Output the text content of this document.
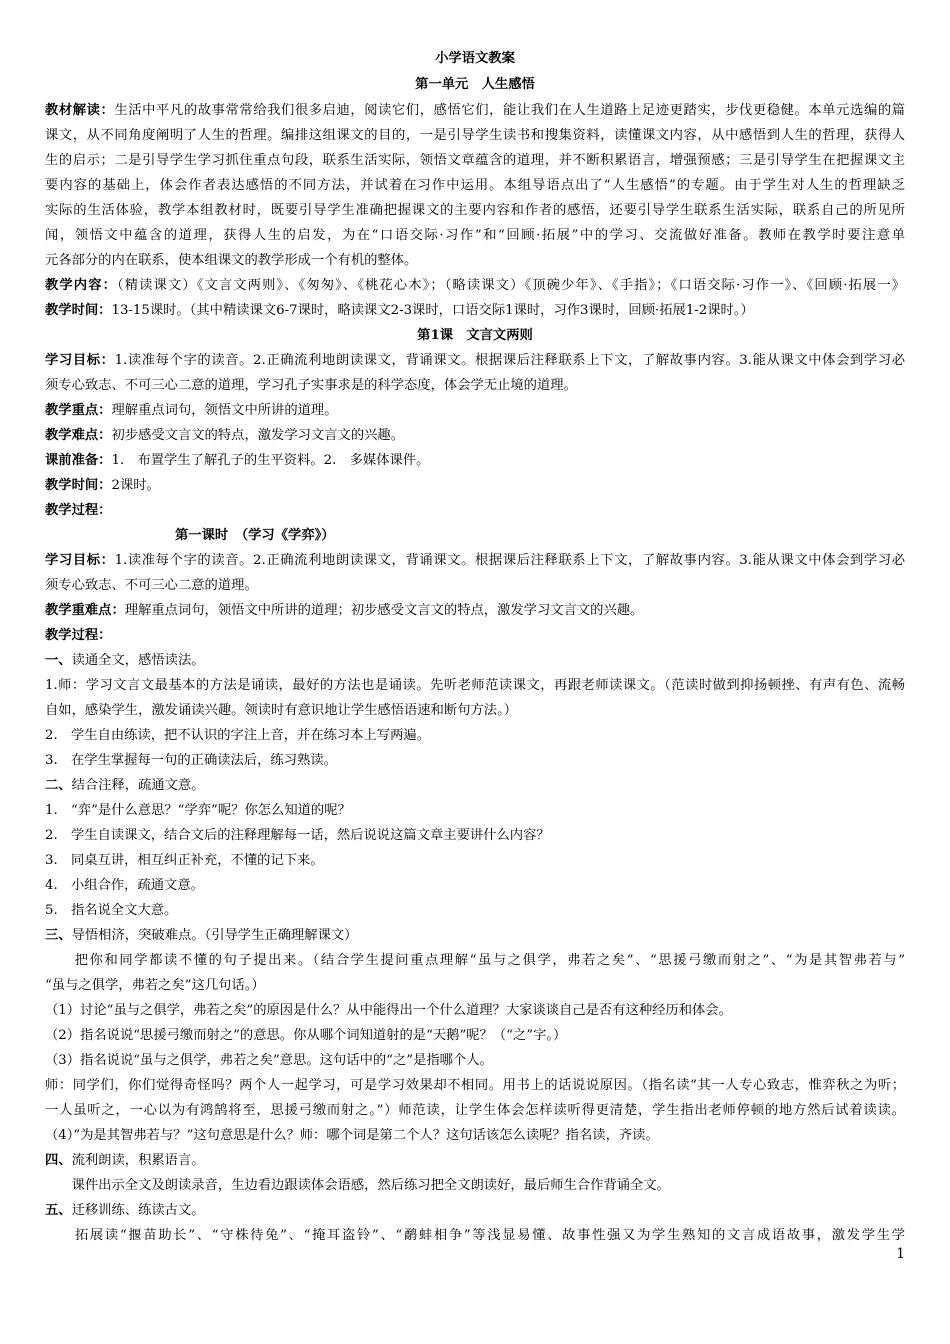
小学语文教案
第一单元　人生感悟
教材解读：生活中平凡的故事常常给我们很多启迪，阅读它们，感悟它们，能让我们在人生道路上足迹更踏实，步伐更稳健。本单元选编的篇
课文，从不同角度阐明了人生的哲理。编排这组课文的目的，一是引导学生读书和搜集资料，读懂课文内容，从中感悟到人生的哲理，获得人
生的启示；二是引导学生学习抓住重点句段，联系生活实际，领悟文章蕴含的道理，并不断积累语言，增强预感；三是引导学生在把握课文主
要内容的基础上，体会作者表达感悟的不同方法，并试着在习作中运用。本组导语点出了“人生感悟”的专题。由于学生对人生的哲理缺乏
实际的生活体验，教学本组教材时，既要引导学生准确把握课文的主要内容和作者的感悟，还要引导学生联系生活实际，联系自己的所见所
闻，领悟文中蕴含的道理，获得人生的启发，为在“口语交际·习作”和“回顾·拓展”中的学习、交流做好准备。教师在教学时要注意单
元各部分的内在联系，使本组课文的教学形成一个有机的整体。
教学内容：（精读课文）《文言文两则》、《匆匆》、《桃花心木》；（略读课文）《顶碗少年》、《手指》；《口语交际·习作一》、《回顾·拓展一》
教学时间：13-15课时。（其中精读课文6-7课时，略读课文2-3课时，口语交际1课时，习作3课时，回顾·拓展1-2课时。）
第1课　文言文两则
学习目标：1.读准每个字的读音。2.正确流利地朗读课文，背诵课文。根据课后注释联系上下文，了解故事内容。3.能从课文中体会到学习必
须专心致志、不可三心二意的道理，学习孔子实事求是的科学态度，体会学无止境的道理。
教学重点：理解重点词句，领悟文中所讲的道理。
教学难点：初步感受文言文的特点，激发学习文言文的兴趣。
课前准备：1.　布置学生了解孔子的生平资料。2.　多媒体课件。
教学时间：2课时。
教学过程：
第一课时　（学习《学弈》）
学习目标：1.读准每个字的读音。2.正确流利地朗读课文，背诵课文。根据课后注释联系上下文，了解故事内容。3.能从课文中体会到学习必
须专心致志、不可三心二意的道理。
教学重难点：理解重点词句，领悟文中所讲的道理；初步感受文言文的特点，激发学习文言文的兴趣。
教学过程：
一、读通全文，感悟读法。
1.师：学习文言文最基本的方法是诵读，最好的方法也是诵读。先听老师范读课文，再跟老师读课文。（范读时做到抑扬顿挫、有声有色、流畅
自如，感染学生，激发诵读兴趣。领读时有意识地让学生感悟语速和断句方法。）
2.　学生自由练读，把不认识的字注上音，并在练习本上写两遍。
3.　在学生掌握每一句的正确读法后，练习熟读。
二、结合注释，疏通文意。
1.　“弈”是什么意思？“学弈”呢？你怎么知道的呢？
2.　学生自读课文，结合文后的注释理解每一话，然后说说这篇文章主要讲什么内容？
3.　同桌互讲，相互纠正补充，不懂的记下来。
4.　小组合作，疏通文意。
5.　指名说全文大意。
三、导悟相济，突破难点。（引导学生正确理解课文）
　　把你和同学都读不懂的句子提出来。（结合学生提问重点理解“虽与之俱学，弗若之矣”、“思援弓缴而射之”、“为是其智弗若与”
“虽与之俱学，弗若之矣”这几句话。）
（1）讨论“虽与之俱学，弗若之矣”的原因是什么？从中能得出一个什么道理？大家谈谈自己是否有这种经历和体会。
（2）指名说说“思援弓缴而射之”的意思。你从哪个词知道射的是“天鹅”呢？（“之”字。）
（3）指名说说“虽与之俱学，弗若之矣”意思。这句话中的“之”是指哪个人。
师：同学们，你们觉得奇怪吗？两个人一起学习，可是学习效果却不相同。用书上的话说说原因。（指名读“其一人专心致志，惟弈秋之为听；
一人虽听之，一心以为有鸿鹄将至，思援弓缴而射之。”）师范读，让学生体会怎样读听得更清楚，学生指出老师停顿的地方然后试着读读。
（4）”为是其智弗若与？”这句意思是什么？师：哪个词是第二个人？这句话该怎么读呢？指名读，齐读。
四、流利朗读，积累语言。
　　课件出示全文及朗读录音，生边看边跟读体会语感，然后练习把全文朗读好，最后师生合作背诵全文。
五、迁移训练、练读古文。
　　拓展读“揠苗助长”、“守株待兔”、“掩耳盗铃”、“鹬蚌相争”等浅显易懂、故事性强又为学生熟知的文言成语故事，激发学生学
1
